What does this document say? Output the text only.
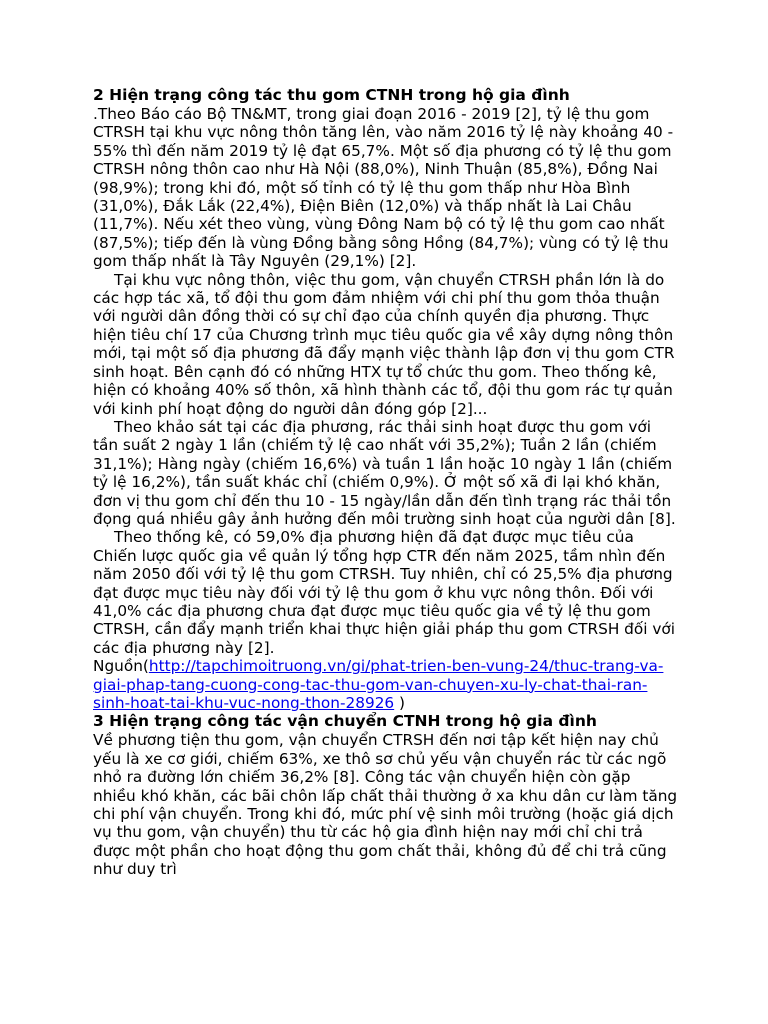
2 Hiện trạng công tác thu gom CTNH trong hộ gia đình

.Theo Báo cáo Bộ TN&MT, trong giai đoạn 2016 - 2019 [2], tỷ lệ thu gom CTRSH tại khu vực nông thôn tăng lên, vào năm 2016 tỷ lệ này khoảng 40 - 55% thì đến năm 2019 tỷ lệ đạt 65,7%. Một số địa phương có tỷ lệ thu gom CTRSH nông thôn cao như Hà Nội (88,0%), Ninh Thuận (85,8%), Đồng Nai (98,9%); trong khi đó, một số tỉnh có tỷ lệ thu gom thấp như Hòa Bình (31,0%), Đắk Lắk (22,4%), Điện Biên (12,0%) và thấp nhất là Lai Châu (11,7%). Nếu xét theo vùng, vùng Đông Nam bộ có tỷ lệ thu gom cao nhất (87,5%); tiếp đến là vùng Đồng bằng sông Hồng (84,7%); vùng có tỷ lệ thu gom thấp nhất là Tây Nguyên (29,1%) [2].

Tại khu vực nông thôn, việc thu gom, vận chuyển CTRSH phần lớn là do các hợp tác xã, tổ đội thu gom đảm nhiệm với chi phí thu gom thỏa thuận với người dân đồng thời có sự chỉ đạo của chính quyền địa phương. Thực hiện tiêu chí 17 của Chương trình mục tiêu quốc gia về xây dựng nông thôn mới, tại một số địa phương đã đẩy mạnh việc thành lập đơn vị thu gom CTR sinh hoạt. Bên cạnh đó có những HTX tự tổ chức thu gom. Theo thống kê, hiện có khoảng 40% số thôn, xã hình thành các tổ, đội thu gom rác tự quản với kinh phí hoạt động do người dân đóng góp [2]...

Theo khảo sát tại các địa phương, rác thải sinh hoạt được thu gom với tần suất 2 ngày 1 lần (chiếm tỷ lệ cao nhất với 35,2%); Tuần 2 lần (chiếm 31,1%); Hàng ngày (chiếm 16,6%) và tuần 1 lần hoặc 10 ngày 1 lần (chiếm tỷ lệ 16,2%), tần suất khác chỉ (chiếm 0,9%). Ở một số xã đi lại khó khăn, đơn vị thu gom chỉ đến thu 10 - 15 ngày/lần dẫn đến tình trạng rác thải tồn đọng quá nhiều gây ảnh hưởng đến môi trường sinh hoạt của người dân [8].

Theo thống kê, có 59,0% địa phương hiện đã đạt được mục tiêu của Chiến lược quốc gia về quản lý tổng hợp CTR đến năm 2025, tầm nhìn đến năm 2050 đối với tỷ lệ thu gom CTRSH. Tuy nhiên, chỉ có 25,5% địa phương đạt được mục tiêu này đối với tỷ lệ thu gom ở khu vực nông thôn. Đối với 41,0% các địa phương chưa đạt được mục tiêu quốc gia về tỷ lệ thu gom CTRSH, cần đẩy mạnh triển khai thực hiện giải pháp thu gom CTRSH đối với các địa phương này [2].

Nguồn(http://tapchimoitruong.vn/gi/phat-trien-ben-vung-24/thuc-trang-va-giai-phap-tang-cuong-cong-tac-thu-gom-van-chuyen-xu-ly-chat-thai-ran-sinh-hoat-tai-khu-vuc-nong-thon-28926 )

3 Hiện trạng công tác vận chuyển CTNH trong hộ gia đình

Về phương tiện thu gom, vận chuyển CTRSH đến nơi tập kết hiện nay chủ yếu là xe cơ giới, chiếm 63%, xe thô sơ chủ yếu vận chuyển rác từ các ngõ nhỏ ra đường lớn chiếm 36,2% [8]. Công tác vận chuyển hiện còn gặp nhiều khó khăn, các bãi chôn lấp chất thải thường ở xa khu dân cư làm tăng chi phí vận chuyển. Trong khi đó, mức phí vệ sinh môi trường (hoặc giá dịch vụ thu gom, vận chuyển) thu từ các hộ gia đình hiện nay mới chỉ chi trả được một phần cho hoạt động thu gom chất thải, không đủ để chi trả cũng như duy trì
